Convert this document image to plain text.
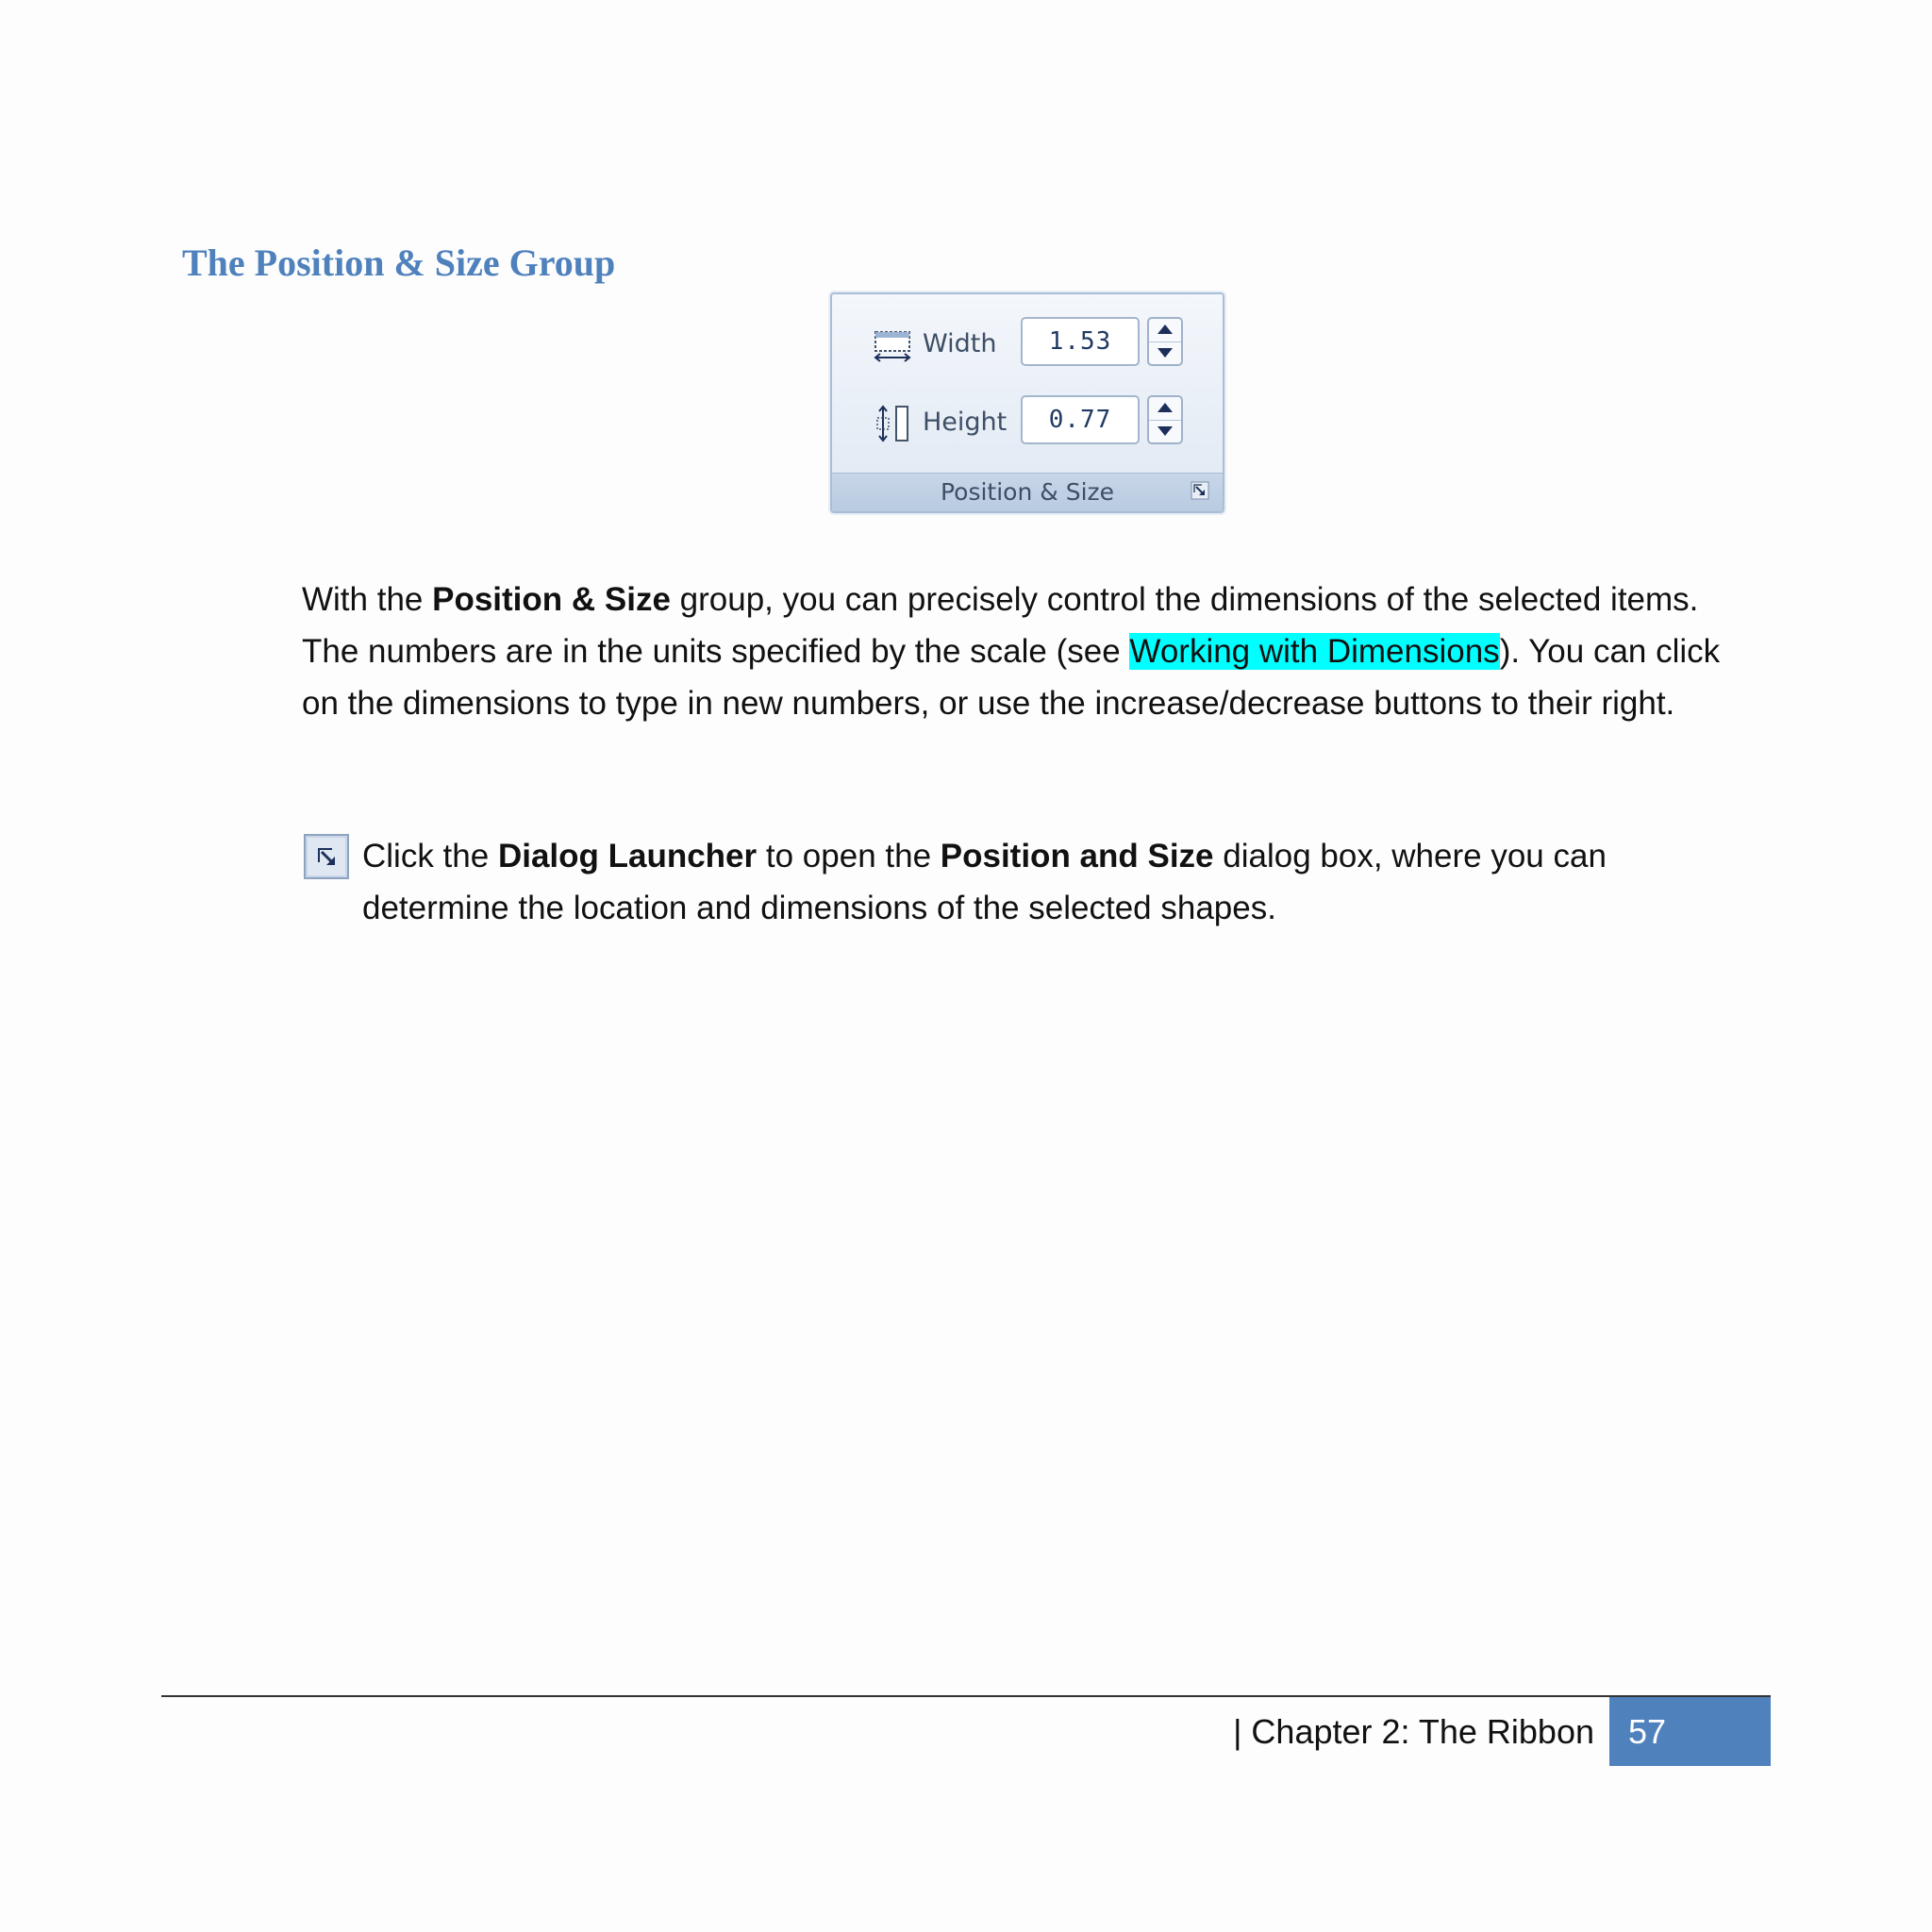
The Position & Size Group
Width	1.53
Height	0.77
Position & Size

With the Position & Size group, you can precisely control the dimensions of the selected items. The numbers are in the units specified by the scale (see Working with Dimensions). You can click on the dimensions to type in new numbers, or use the increase/decrease buttons to their right.

Click the Dialog Launcher to open the Position and Size dialog box, where you can determine the location and dimensions of the selected shapes.

| Chapter 2: The Ribbon	57
